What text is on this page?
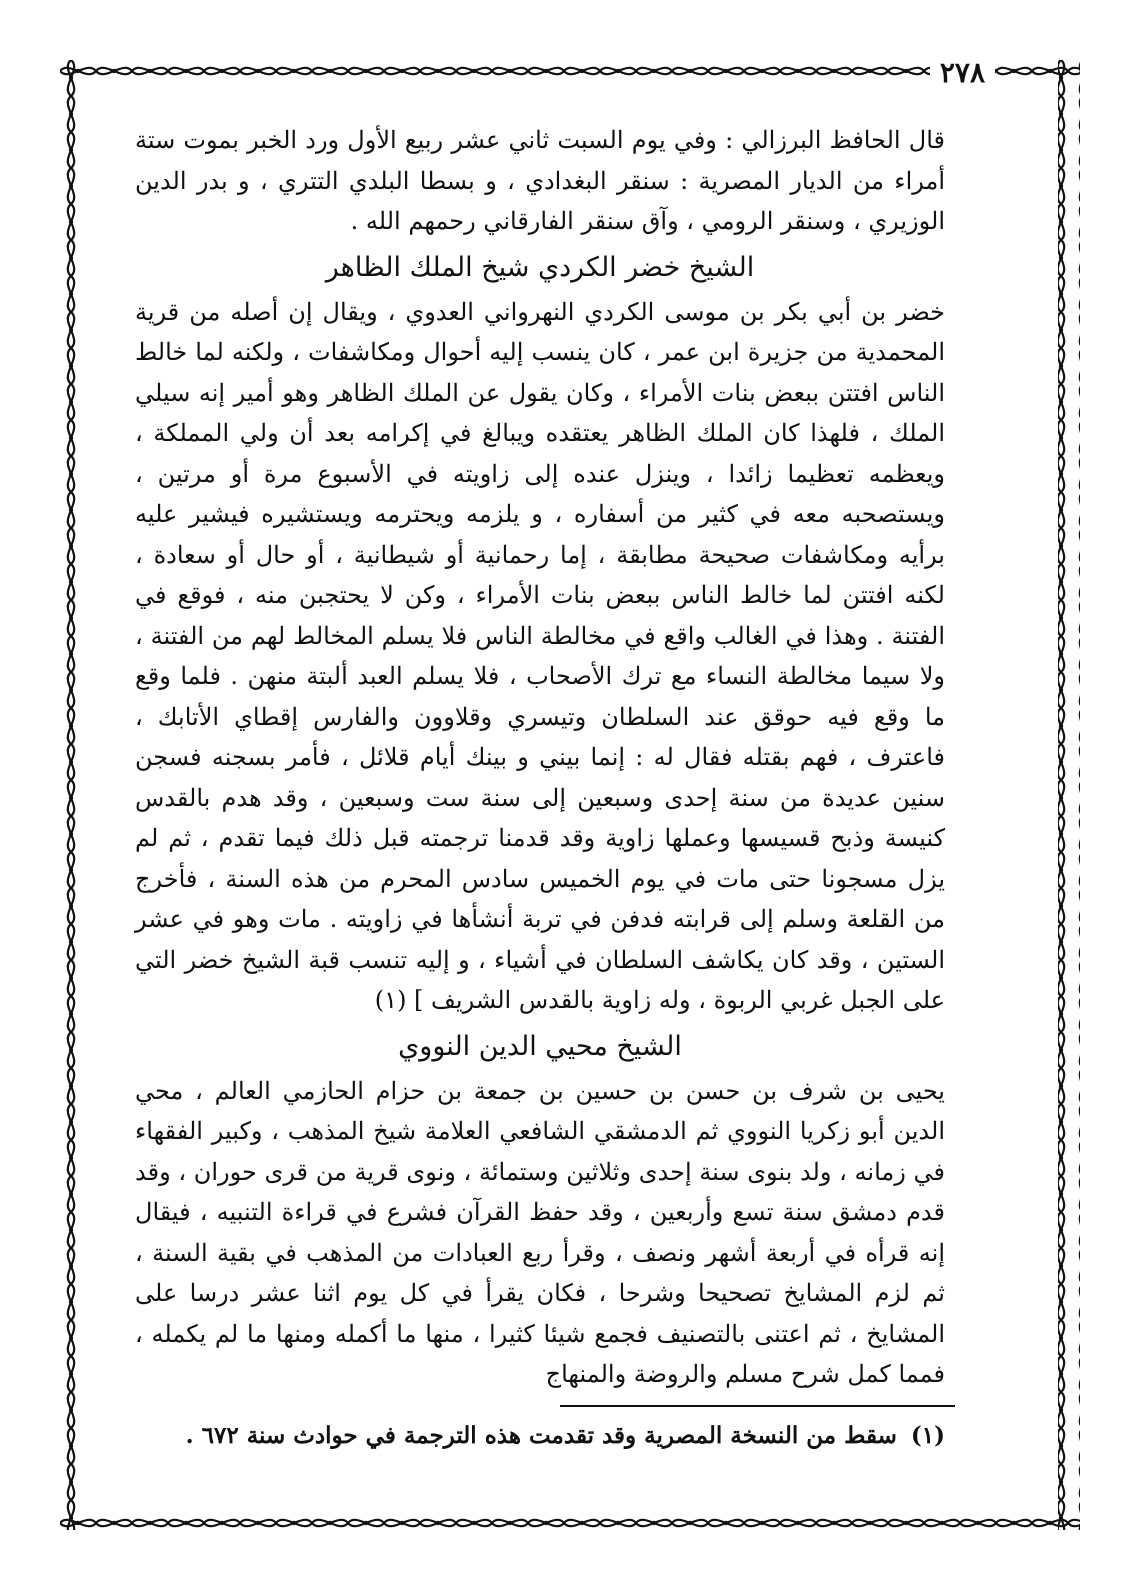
٢٧٨

قال الحافظ البرزالي : وفي يوم السبت ثاني عشر ربيع الأول ورد الخبر بموت ستة أمراء من الديار المصرية : سنقر البغدادي ، و بسطا البلدي التتري ، و بدر الدين الوزيري ، وسنقر الرومي ، وآق سنقر الفارقاني رحمهم الله .

الشيخ خضر الكردي شيخ الملك الظاهر

خضر بن أبي بكر بن موسى الكردي النهرواني العدوي ، ويقال إن أصله من قرية المحمدية من جزيرة ابن عمر ، كان ينسب إليه أحوال ومكاشفات ، ولكنه لما خالط الناس افتتن ببعض بنات الأمراء ، وكان يقول عن الملك الظاهر وهو أمير إنه سيلي الملك ، فلهذا كان الملك الظاهر يعتقده ويبالغ في إكرامه بعد أن ولي المملكة ، ويعظمه تعظيما زائدا ، وينزل عنده إلى زاويته في الأسبوع مرة أو مرتين ، ويستصحبه معه في كثير من أسفاره ، و يلزمه ويحترمه ويستشيره فيشير عليه برأيه ومكاشفات صحيحة مطابقة ، إما رحمانية أو شيطانية ، أو حال أو سعادة ، لكنه افتتن لما خالط الناس ببعض بنات الأمراء ، وكن لا يحتجبن منه ، فوقع في الفتنة . وهذا في الغالب واقع في مخالطة الناس فلا يسلم المخالط لهم من الفتنة ، ولا سيما مخالطة النساء مع ترك الأصحاب ، فلا يسلم العبد ألبتة منهن . فلما وقع ما وقع فيه حوقق عند السلطان وتيسري وقلاوون والفارس إقطاي الأتابك ، فاعترف ، فهم بقتله فقال له : إنما بيني و بينك أيام قلائل ، فأمر بسجنه فسجن سنين عديدة من سنة إحدى وسبعين إلى سنة ست وسبعين ، وقد هدم بالقدس كنيسة وذبح قسيسها وعملها زاوية وقد قدمنا ترجمته قبل ذلك فيما تقدم ، ثم لم يزل مسجونا حتى مات في يوم الخميس سادس المحرم من هذه السنة ، فأخرج من القلعة وسلم إلى قرابته فدفن في تربة أنشأها في زاويته . مات وهو في عشر الستين ، وقد كان يكاشف السلطان في أشياء ، و إليه تنسب قبة الشيخ خضر التي على الجبل غربي الربوة ، وله زاوية بالقدس الشريف ] (١)

الشيخ محيي الدين النووي

يحيى بن شرف بن حسن بن حسين بن جمعة بن حزام الحازمي العالم ، محي الدين أبو زكريا النووي ثم الدمشقي الشافعي العلامة شيخ المذهب ، وكبير الفقهاء في زمانه ، ولد بنوى سنة إحدى وثلاثين وستمائة ، ونوى قرية من قرى حوران ، وقد قدم دمشق سنة تسع وأربعين ، وقد حفظ القرآن فشرع في قراءة التنبيه ، فيقال إنه قرأه في أربعة أشهر ونصف ، وقرأ ربع العبادات من المذهب في بقية السنة ، ثم لزم المشايخ تصحيحا وشرحا ، فكان يقرأ في كل يوم اثنا عشر درسا على المشايخ ، ثم اعتنى بالتصنيف فجمع شيئا كثيرا ، منها ما أكمله ومنها ما لم يكمله ، فمما كمل شرح مسلم والروضة والمنهاج

(١)سقط من النسخة المصرية وقد تقدمت هذه الترجمة في حوادث سنة ٦٧٢ .
